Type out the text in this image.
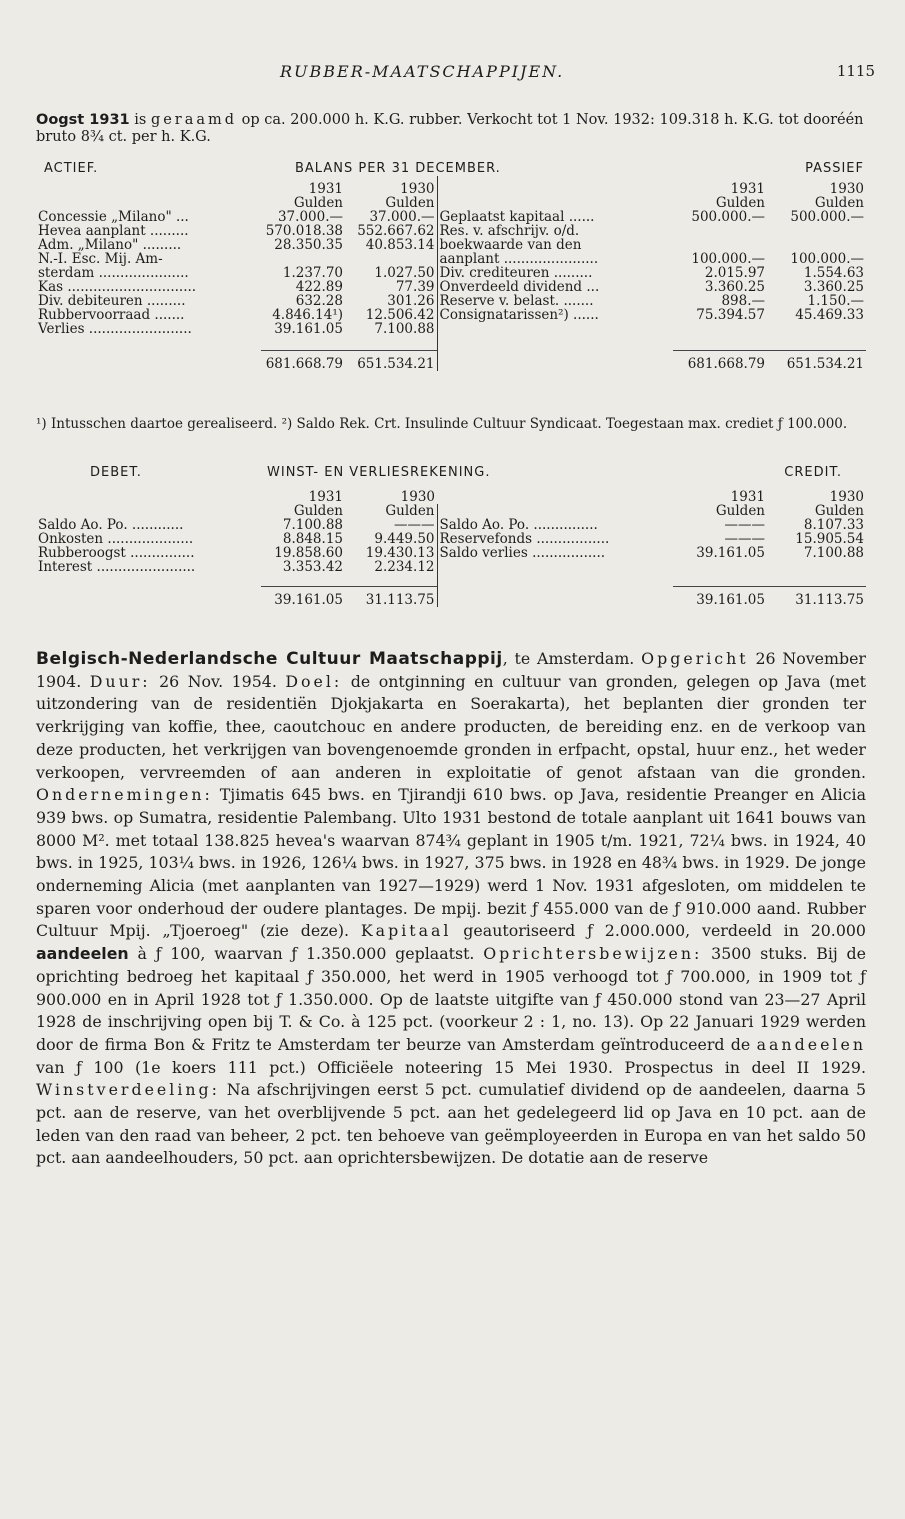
RUBBER-MAATSCHAPPIJEN.	1115
Oogst 1931 is geraamd op ca. 200.000 h. K.G. rubber. Verkocht tot 1 Nov. 1932: 109.318 h. K.G. tot dooréén bruto 8¾ ct. per h. K.G.
ACTIEF.	BALANS PER 31 DECEMBER.				PASSIEF
	1931	1930		1931	1930
	Gulden	Gulden		Gulden	Gulden
Concessie „Milano" ...	37.000.—	37.000.—	Geplaatst kapitaal ......	500.000.—	500.000.—
Hevea aanplant .........	570.018.38	552.667.62	Res. v. afschrijv. o/d.		
Adm. „Milano" .........	28.350.35	40.853.14	boekwaarde van den		
N.-I. Esc. Mij. Am-			aanplant ......................	100.000.—	100.000.—
sterdam .....................	1.237.70	1.027.50	Div. crediteuren .........	2.015.97	1.554.63
Kas ..............................	422.89	77.39	Onverdeeld dividend ...	3.360.25	3.360.25
Div. debiteuren .........	632.28	301.26	Reserve v. belast. .......	898.—	1.150.—
Rubbervoorraad .......	4.846.14¹)	12.506.42	Consignatarissen²) ......	75.394.57	45.469.33
Verlies ........................	39.161.05	7.100.88			

	681.668.79	651.534.21		681.668.79	651.534.21
¹) Intusschen daartoe gerealiseerd. ²) Saldo Rek. Crt. Insulinde Cultuur Syndicaat. Toegestaan max. crediet ƒ 100.000.
DEBET.	WINST- EN VERLIESREKENING.				CREDIT.
	1931	1930		1931	1930
	Gulden	Gulden		Gulden	Gulden
Saldo Ao. Po. ............	7.100.88	———	Saldo Ao. Po. ...............	———	8.107.33
Onkosten ....................	8.848.15	9.449.50	Reservefonds .................	———	15.905.54
Rubberoogst ...............	19.858.60	19.430.13	Saldo verlies .................	39.161.05	7.100.88
Interest .......................	3.353.42	2.234.12			

	39.161.05	31.113.75		39.161.05	31.113.75

Belgisch-Nederlandsche Cultuur Maatschappij, te Amsterdam. Opgericht 26 November 1904. Duur: 26 Nov. 1954. Doel: de ontginning en cultuur van gronden, gelegen op Java (met uitzondering van de residentiën Djokjakarta en Soerakarta), het beplanten dier gronden ter verkrijging van koffie, thee, caoutchouc en andere producten, de bereiding enz. en de verkoop van deze producten, het verkrijgen van bovengenoemde gronden in erfpacht, opstal, huur enz., het weder verkoopen, vervreemden of aan anderen in exploitatie of genot afstaan van die gronden. Ondernemingen: Tjimatis 645 bws. en Tjirandji 610 bws. op Java, residentie Preanger en Alicia 939 bws. op Sumatra, residentie Palembang. Ulto 1931 bestond de totale aanplant uit 1641 bouws van 8000 M². met totaal 138.825 hevea's waarvan 874¾ geplant in 1905 t/m. 1921, 72¼ bws. in 1924, 40 bws. in 1925, 103¼ bws. in 1926, 126¼ bws. in 1927, 375 bws. in 1928 en 48¾ bws. in 1929. De jonge onderneming Alicia (met aanplanten van 1927—1929) werd 1 Nov. 1931 afgesloten, om middelen te sparen voor onderhoud der oudere plantages. De mpij. bezit ƒ 455.000 van de ƒ 910.000 aand. Rubber Cultuur Mpij. „Tjoeroeg" (zie deze). Kapitaal geautoriseerd ƒ 2.000.000, verdeeld in 20.000 aandeelen à ƒ 100, waarvan ƒ 1.350.000 geplaatst. Oprichtersbewijzen: 3500 stuks. Bij de oprichting bedroeg het kapitaal ƒ 350.000, het werd in 1905 verhoogd tot ƒ 700.000, in 1909 tot ƒ 900.000 en in April 1928 tot ƒ 1.350.000. Op de laatste uitgifte van ƒ 450.000 stond van 23—27 April 1928 de inschrijving open bij T. & Co. à 125 pct. (voorkeur 2 : 1, no. 13). Op 22 Januari 1929 werden door de firma Bon & Fritz te Amsterdam ter beurze van Amsterdam geïntroduceerd de aandeelen van ƒ 100 (1e koers 111 pct.) Officiëele noteering 15 Mei 1930. Prospectus in deel II 1929. Winstverdeeling: Na afschrijvingen eerst 5 pct. cumulatief dividend op de aandeelen, daarna 5 pct. aan de reserve, van het overblijvende 5 pct. aan het gedelegeerd lid op Java en 10 pct. aan de leden van den raad van beheer, 2 pct. ten behoeve van geëmployeerden in Europa en van het saldo 50 pct. aan aandeelhouders, 50 pct. aan oprichtersbewijzen. De dotatie aan de reserve
